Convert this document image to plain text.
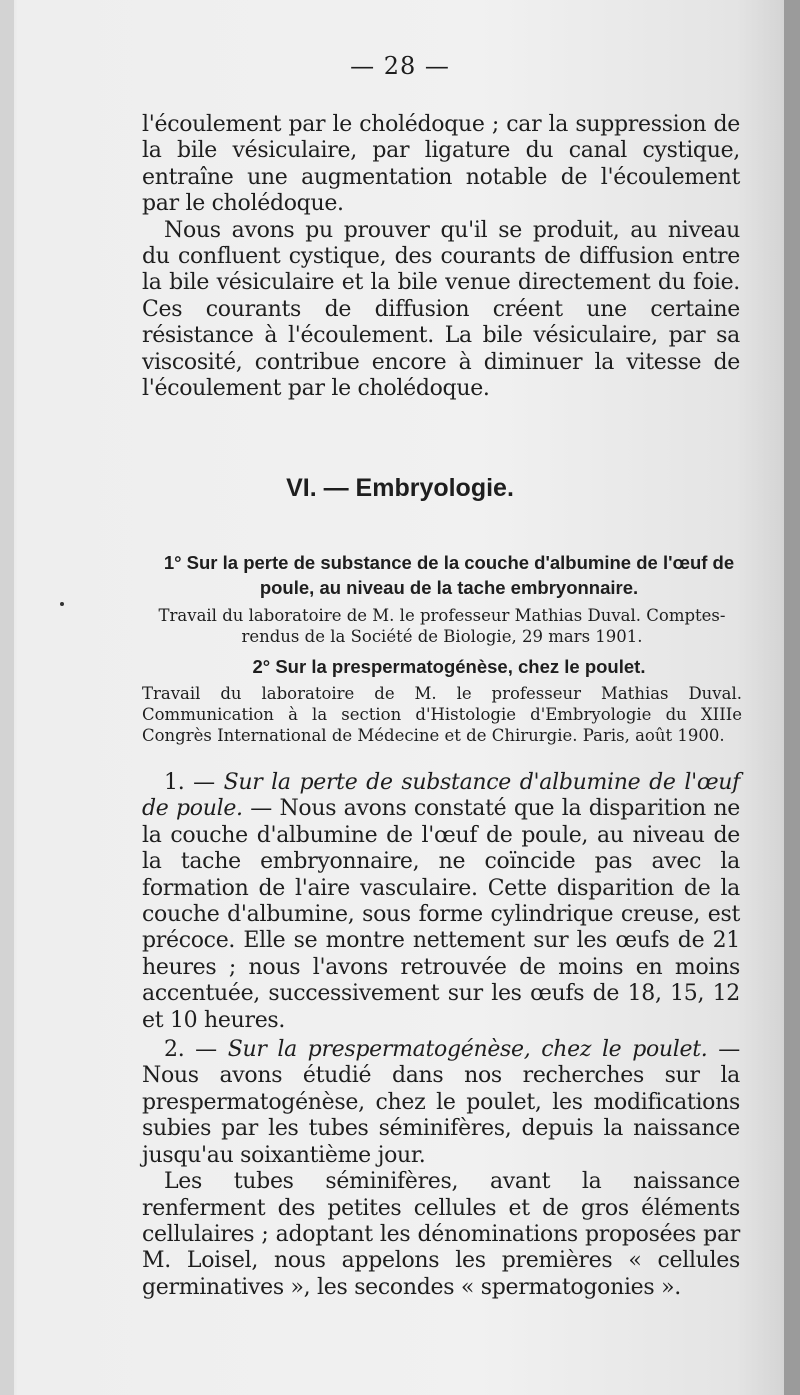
— 28 —

l'écoulement par le cholédoque ; car la suppression de la bile vésiculaire, par ligature du canal cystique, entraîne une augmentation notable de l'écoulement par le cholédoque.

Nous avons pu prouver qu'il se produit, au niveau du confluent cystique, des courants de diffusion entre la bile vésiculaire et la bile venue directement du foie. Ces courants de diffusion créent une certaine résistance à l'écoulement. La bile vésiculaire, par sa viscosité, contribue encore à diminuer la vitesse de l'écoulement par le cholédoque.

VI. — Embryologie.
1° Sur la perte de substance de la couche d'albumine de l'œuf de poule, au niveau de la tache embryonnaire.
Travail du laboratoire de M. le professeur Mathias Duval. Comptes-rendus de la Société de Biologie, 29 mars 1901.
2° Sur la prespermatogénèse, chez le poulet.
Travail du laboratoire de M. le professeur Mathias Duval. Communication à la section d'Histologie d'Embryologie du XIIIe Congrès International de Médecine et de Chirurgie. Paris, août 1900.

1. — Sur la perte de substance d'albumine de l'œuf de poule. — Nous avons constaté que la disparition ne la couche d'albumine de l'œuf de poule, au niveau de la tache embryonnaire, ne coïncide pas avec la formation de l'aire vasculaire. Cette disparition de la couche d'albumine, sous forme cylindrique creuse, est précoce. Elle se montre nettement sur les œufs de 21 heures ; nous l'avons retrouvée de moins en moins accentuée, successivement sur les œufs de 18, 15, 12 et 10 heures.

2. — Sur la prespermatogénèse, chez le poulet. — Nous avons étudié dans nos recherches sur la prespermatogénèse, chez le poulet, les modifications subies par les tubes séminifères, depuis la naissance jusqu'au soixantième jour.

Les tubes séminifères, avant la naissance renferment des petites cellules et de gros éléments cellulaires ; adoptant les dénominations proposées par M. Loisel, nous appelons les premières « cellules germinatives », les secondes « spermatogonies ».
